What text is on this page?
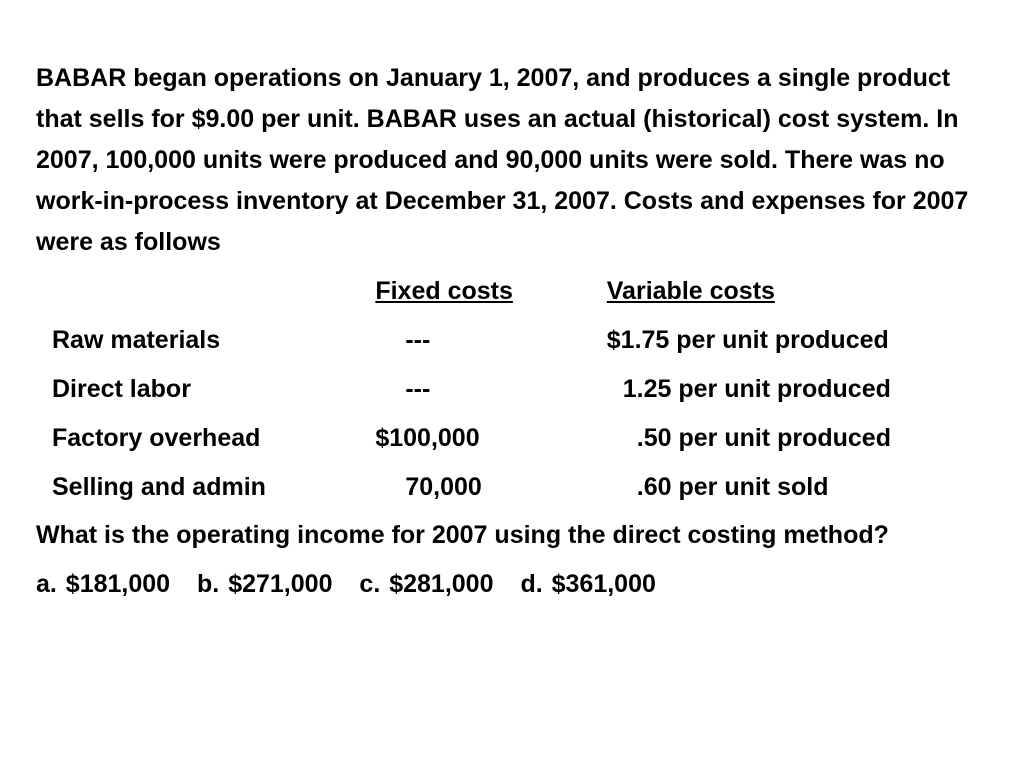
BABAR began operations on January 1, 2007, and produces a single product that sells for $9.00 per unit. BABAR uses an actual (historical) cost system. In 2007, 100,000 units were produced and 90,000 units were sold. There was no work-in-process inventory at December 31, 2007. Costs and expenses for 2007 were as follows

	Fixed costs	Variable costs
Raw materials	---	$1.75 per unit produced
Direct labor	---	1.25 per unit produced
Factory overhead	$100,000	.50 per unit produced
Selling and admin	70,000	.60 per unit sold

What is the operating income for 2007 using the direct costing method?

a. $181,000 b. $271,000 c. $281,000 d. $361,000
